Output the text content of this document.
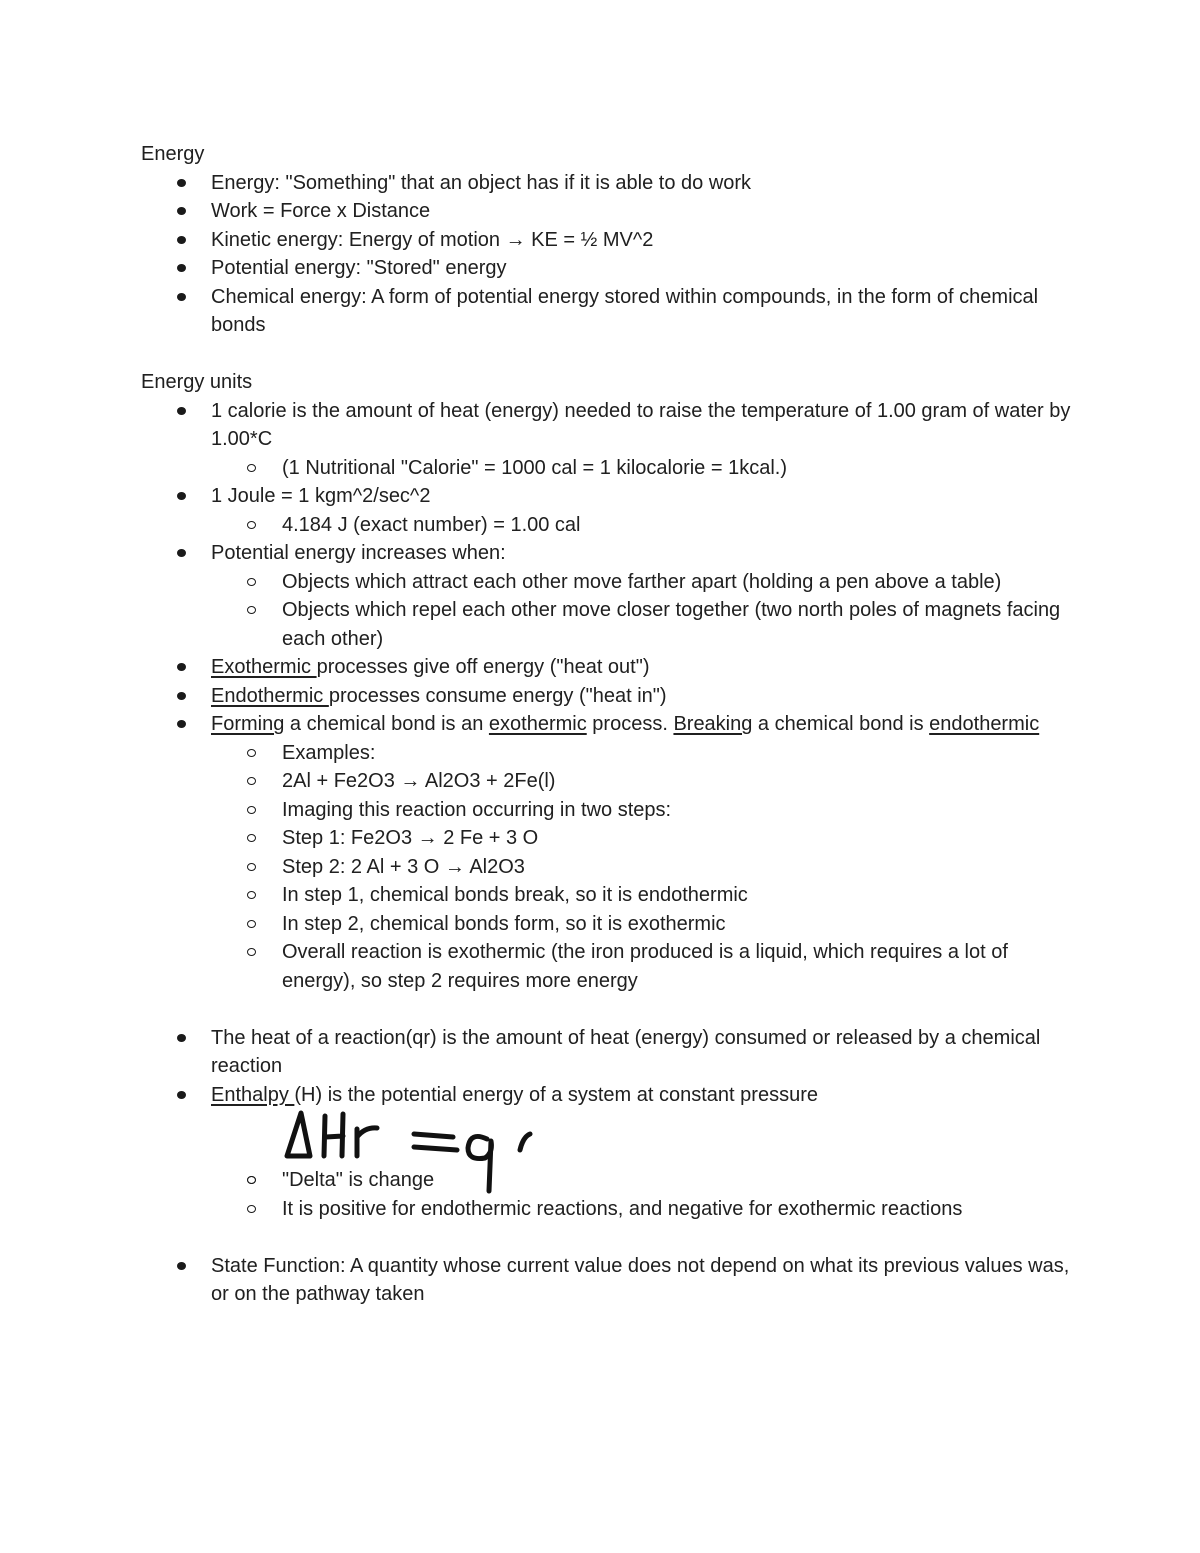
Energy
Energy: "Something" that an object has if it is able to do work
Work = Force x Distance
Kinetic energy: Energy of motion → KE = ½ MV^2
Potential energy: "Stored" energy
Chemical energy: A form of potential energy stored within compounds, in the form of chemical bonds
Energy units
1 calorie is the amount of heat (energy) needed to raise the temperature of 1.00 gram of water by 1.00*C
(1 Nutritional "Calorie" = 1000 cal = 1 kilocalorie = 1kcal.)
1 Joule = 1 kgm^2/sec^2
4.184 J (exact number) = 1.00 cal
Potential energy increases when:
Objects which attract each other move farther apart (holding a pen above a table)
Objects which repel each other move closer together (two north poles of magnets facing each other)
Exothermic processes give off energy ("heat out")
Endothermic processes consume energy ("heat in")
Forming a chemical bond is an exothermic process. Breaking a chemical bond is endothermic
Examples:
2Al + Fe2O3 → Al2O3 + 2Fe(l)
Imaging this reaction occurring in two steps:
Step 1: Fe2O3 → 2 Fe + 3 O
Step 2: 2 Al + 3 O → Al2O3
In step 1, chemical bonds break, so it is endothermic
In step 2, chemical bonds form, so it is exothermic
Overall reaction is exothermic (the iron produced is a liquid, which requires a lot of energy), so step 2 requires more energy
The heat of a reaction(qr) is the amount of heat (energy) consumed or released by a chemical reaction
Enthalpy (H) is the potential energy of a system at constant pressure
"Delta" is change
It is positive for endothermic reactions, and negative for exothermic reactions
State Function: A quantity whose current value does not depend on what its previous values was, or on the pathway taken
